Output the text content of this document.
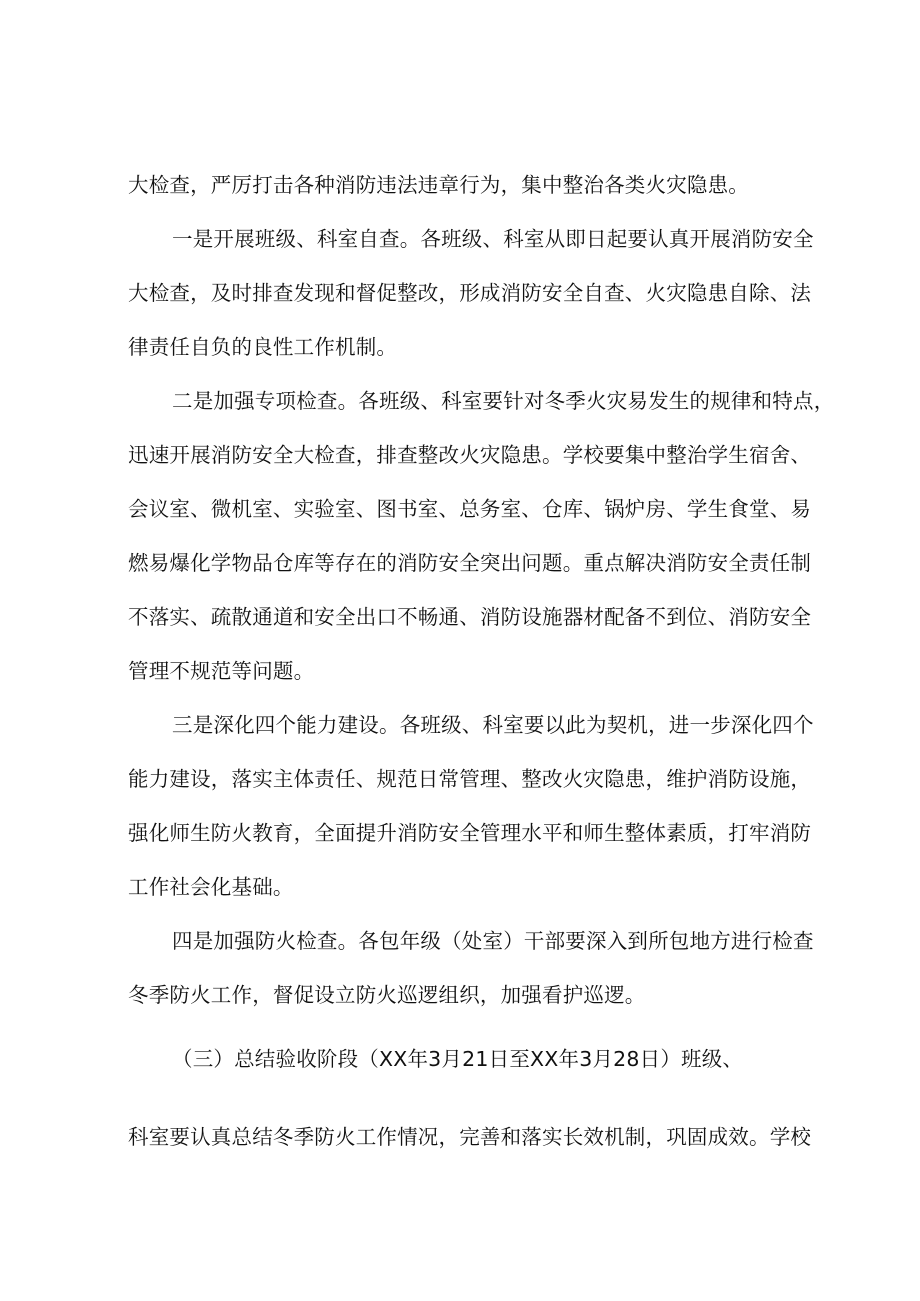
大检查，严厉打击各种消防违法违章行为，集中整治各类火灾隐患。
一是开展班级、科室自查。各班级、科室从即日起要认真开展消防安全
大检查，及时排查发现和督促整改，形成消防安全自查、火灾隐患自除、法
律责任自负的良性工作机制。
二是加强专项检查。各班级、科室要针对冬季火灾易发生的规律和特点，
迅速开展消防安全大检查，排查整改火灾隐患。学校要集中整治学生宿舍、
会议室、微机室、实验室、图书室、总务室、仓库、锅炉房、学生食堂、易
燃易爆化学物品仓库等存在的消防安全突出问题。重点解决消防安全责任制
不落实、疏散通道和安全出口不畅通、消防设施器材配备不到位、消防安全
管理不规范等问题。
三是深化四个能力建设。各班级、科室要以此为契机，进一步深化四个
能力建设，落实主体责任、规范日常管理、整改火灾隐患，维护消防设施，
强化师生防火教育，全面提升消防安全管理水平和师生整体素质，打牢消防
工作社会化基础。
四是加强防火检查。各包年级（处室）干部要深入到所包地方进行检查
冬季防火工作，督促设立防火巡逻组织，加强看护巡逻。
（三）总结验收阶段（XX年3月21日至XX年3月28日）班级、
科室要认真总结冬季防火工作情况，完善和落实长效机制，巩固成效。学校
